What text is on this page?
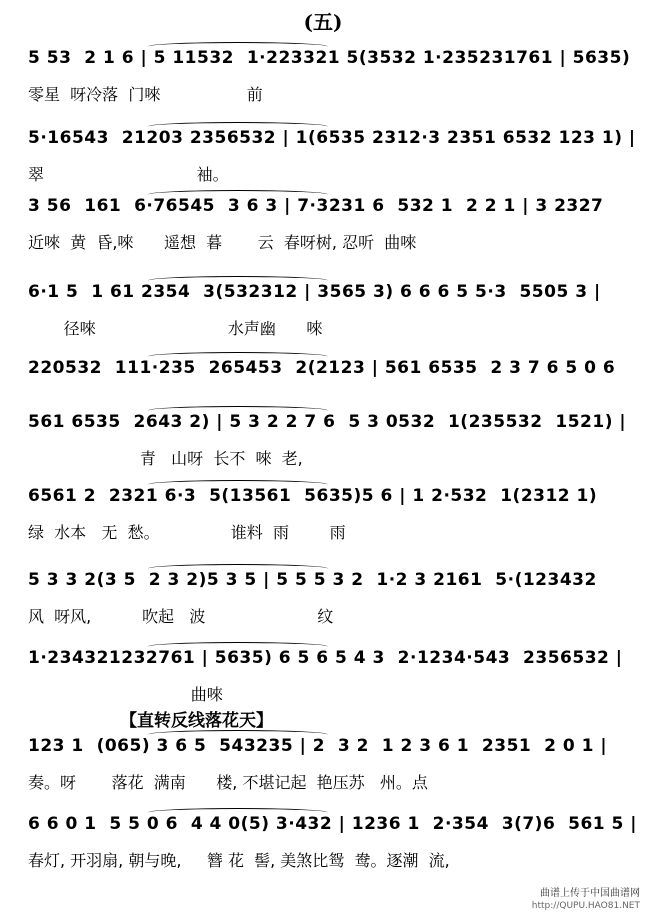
(五)
5 53  2 1 6 | 5 11532  1·223321 5(3532 1·235231761 | 5635)
零星  呀冷落  门唻                 前
5·16543  21203 2356532 | 1(6535 2312·3 2351 6532 123 1) |
翠                              袖。
3 56  161  6·76545  3 6 3 | 7·3231 6  532 1  2 2 1 | 3 2327
近唻  黄  昏,唻      遥想  暮       云  春呀树, 忍听  曲唻
6·1 5  1 61 2354  3(532312 | 3565 3) 6 6 6 5 5·3  5505 3 |
径唻                          水声幽      唻
220532  111·235  265453  2(2123 | 561 6535  2 3 7 6 5 0 6
561 6535  2643 2) | 5 3 2 2 7 6  5 3 0532  1(235532  1521) |
青   山呀  长不  唻  老,
6561 2  2321 6·3  5(13561  5635)5 6 | 1 2·532  1(2312 1)
绿  水本   无  愁。              谁料  雨        雨
5 3 3 2(3 5  2 3 2)5 3 5 | 5 5 5 3 2  1·2 3 2161  5·(123432
风  呀风,          吹起   波                      纹
1·234321232761 | 5635) 6 5 6 5 4 3  2·1234·543  2356532 |
曲唻
123 1  (065) 3 6 5  543235 | 2  3 2  1 2 3 6 1  2351  2 0 1 |
奏。呀       落花  满南      楼, 不堪记起  艳压苏   州。点
6 6 0 1  5 5 0 6  4 4 0(5) 3·432 | 1236 1  2·354  3(7)6  561 5 |
春灯, 开羽扇, 朝与晚,     簪 花  髻, 美煞比鸳  鸯。逐潮  流,
【直转反线落花天】
曲谱上传于中国曲谱网
http://QUPU.HAO81.NET
